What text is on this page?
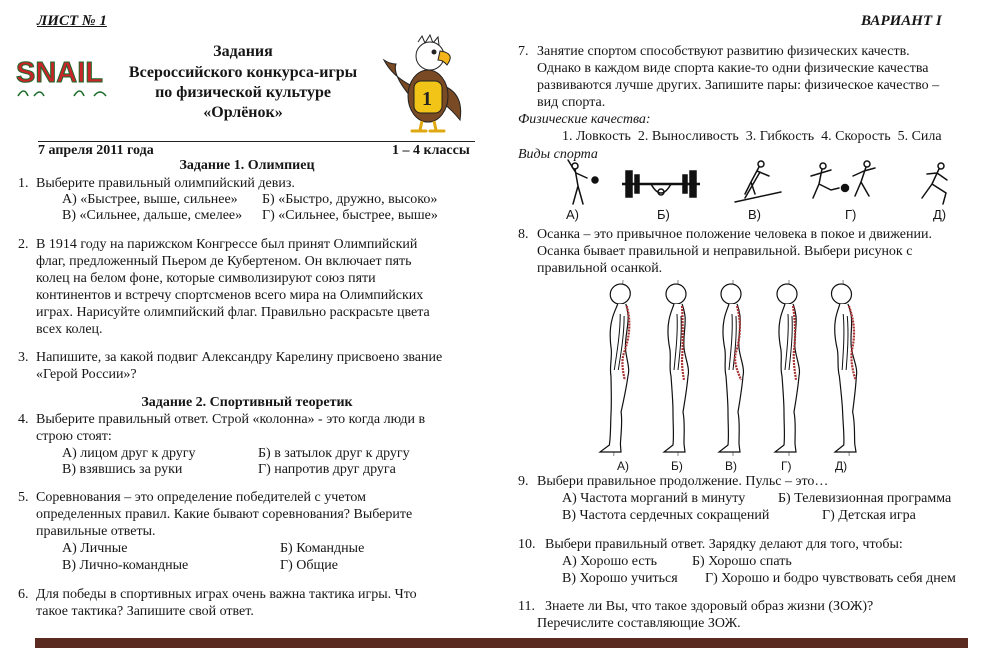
ЛИСТ № 1	ВАРИАНТ I
SNAIL
Задания
Всероссийского конкурса-игры
по физической культуре
«Орлёнок»
1
7 апреля 2011 года	1 – 4 классы
Задание 1. Олимпиец
1. Выберите правильный олимпийский девиз.
А) «Быстрее, выше, сильнее» Б) «Быстро, дружно, высоко»
В) «Сильнее, дальше, смелее» Г) «Сильнее, быстрее, выше»
2. В 1914 году на парижском Конгрессе был принят Олимпийский
флаг, предложенный Пьером де Кубертеном. Он включает пять
колец на белом фоне, которые символизируют союз пяти
континентов и встречу спортсменов всего мира на Олимпийских
играх. Нарисуйте олимпийский флаг. Правильно раскрасьте цвета
всех колец.
3. Напишите, за какой подвиг Александру Карелину присвоено звание
«Герой России»?
Задание 2. Спортивный теоретик
4. Выберите правильный ответ. Строй «колонна» - это когда люди в
строю стоят:
А) лицом друг к другу	Б) в затылок друг к другу
В) взявшись за руки	Г) напротив друг друга
5. Соревнования – это определение победителей с учетом
определенных правил. Какие бывают соревнования? Выберите
правильные ответы.
А) Личные	Б) Командные
В) Лично-командные	Г) Общие
6. Для победы в спортивных играх очень важна тактика игры. Что
такое тактика? Запишите свой ответ.
7. Занятие спортом способствуют развитию физических качеств.
Однако в каждом виде спорта какие-то одни физические качества
развиваются лучше других. Запишите пары: физическое качество –
вид спорта.
Физические качества:
1. Ловкость  2. Выносливость  3. Гибкость  4. Скорость  5. Сила
Виды спорта
А)	Б)	В)	Г)	Д)
8. Осанка – это привычное положение человека в покое и движении.
Осанка бывает правильной и неправильной. Выбери рисунок с
правильной осанкой.
А)	Б)	В)	Г)	Д)
9. Выбери правильное продолжение. Пульс – это…
А) Частота морганий в минуту Б) Телевизионная программа
В) Частота сердечных сокращений	Г) Детская игра
10. Выбери правильный ответ. Зарядку делают для того, чтобы:
А) Хорошо есть Б) Хорошо спать
В) Хорошо учиться Г) Хорошо и бодро чувствовать себя днем
11. Знаете ли Вы, что такое здоровый образ жизни (ЗОЖ)?
Перечислите составляющие ЗОЖ.
